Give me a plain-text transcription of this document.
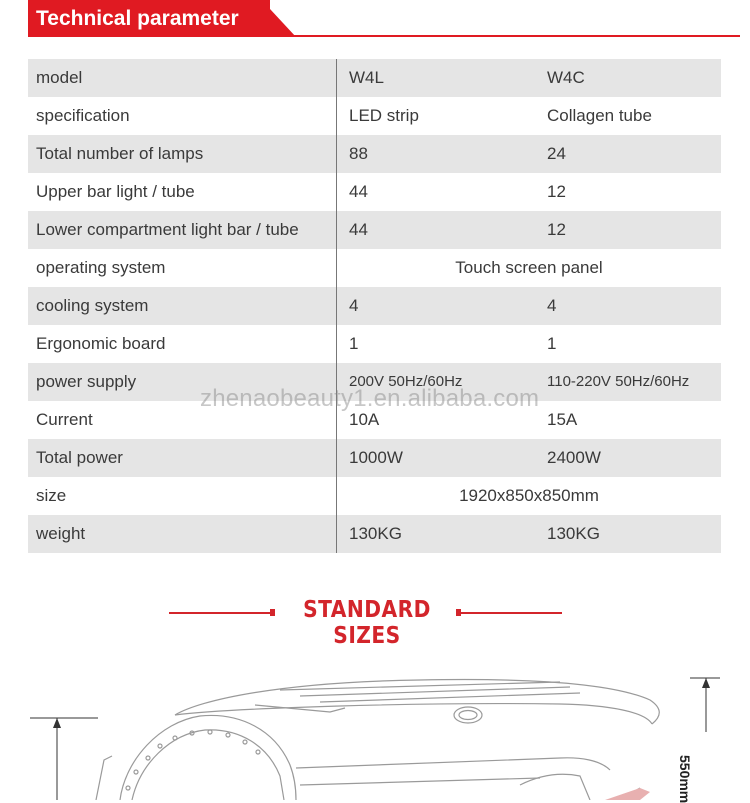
Technical parameter
model	W4L	W4C
specification	LED strip	Collagen tube
Total number of lamps	88	24
Upper bar light / tube	44	12
Lower compartment light bar / tube	44	12
operating system	Touch screen panel
cooling system	4	4
Ergonomic board	1	1
power supply	200V 50Hz/60Hz	110-220V 50Hz/60Hz
Current	10A	15A
Total power	1000W	2400W
size	1920x850x850mm
weight	130KG	130KG
zhenaobeauty1.en.alibaba.com
STANDARD SIZES
550mm
